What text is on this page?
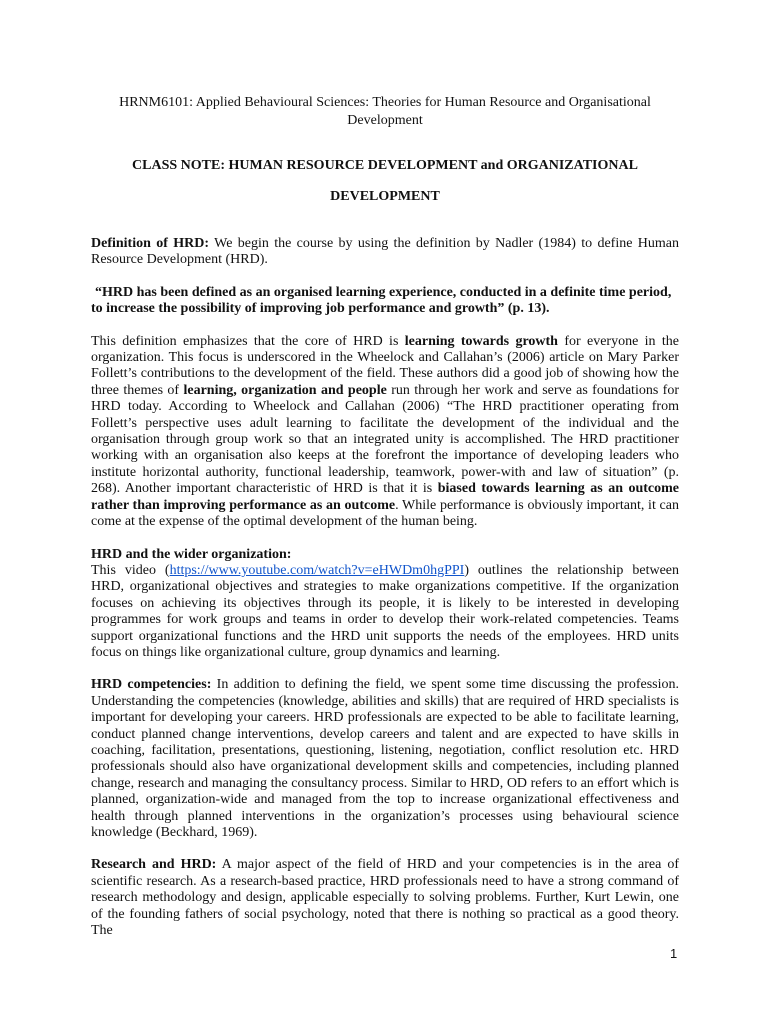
HRNM6101: Applied Behavioural Sciences: Theories for Human Resource and Organisational Development
CLASS NOTE: HUMAN RESOURCE DEVELOPMENT and ORGANIZATIONAL
DEVELOPMENT

Definition of HRD: We begin the course by using the definition by Nadler (1984) to define Human Resource Development (HRD).

“HRD has been defined as an organised learning experience, conducted in a definite time period, to increase the possibility of improving job performance and growth” (p. 13).

This definition emphasizes that the core of HRD is learning towards growth for everyone in the organization. This focus is underscored in the Wheelock and Callahan’s (2006) article on Mary Parker Follett’s contributions to the development of the field. These authors did a good job of showing how the three themes of learning, organization and people run through her work and serve as foundations for HRD today. According to Wheelock and Callahan (2006) “The HRD practitioner operating from Follett’s perspective uses adult learning to facilitate the development of the individual and the organisation through group work so that an integrated unity is accomplished. The HRD practitioner working with an organisation also keeps at the forefront the importance of developing leaders who institute horizontal authority, functional leadership, teamwork, power-with and law of situation” (p. 268). Another important characteristic of HRD is that it is biased towards learning as an outcome rather than improving performance as an outcome. While performance is obviously important, it can come at the expense of the optimal development of the human being.

HRD and the wider organization:
This video (https://www.youtube.com/watch?v=eHWDm0hgPPI) outlines the relationship between HRD, organizational objectives and strategies to make organizations competitive. If the organization focuses on achieving its objectives through its people, it is likely to be interested in developing programmes for work groups and teams in order to develop their work-related competencies. Teams support organizational functions and the HRD unit supports the needs of the employees. HRD units focus on things like organizational culture, group dynamics and learning.

HRD competencies: In addition to defining the field, we spent some time discussing the profession. Understanding the competencies (knowledge, abilities and skills) that are required of HRD specialists is important for developing your careers. HRD professionals are expected to be able to facilitate learning, conduct planned change interventions, develop careers and talent and are expected to have skills in coaching, facilitation, presentations, questioning, listening, negotiation, conflict resolution etc. HRD professionals should also have organizational development skills and competencies, including planned change, research and managing the consultancy process. Similar to HRD, OD refers to an effort which is planned, organization-wide and managed from the top to increase organizational effectiveness and health through planned interventions in the organization’s processes using behavioural science knowledge (Beckhard, 1969).

Research and HRD: A major aspect of the field of HRD and your competencies is in the area of scientific research. As a research-based practice, HRD professionals need to have a strong command of research methodology and design, applicable especially to solving problems. Further, Kurt Lewin, one of the founding fathers of social psychology, noted that there is nothing so practical as a good theory. The

1
